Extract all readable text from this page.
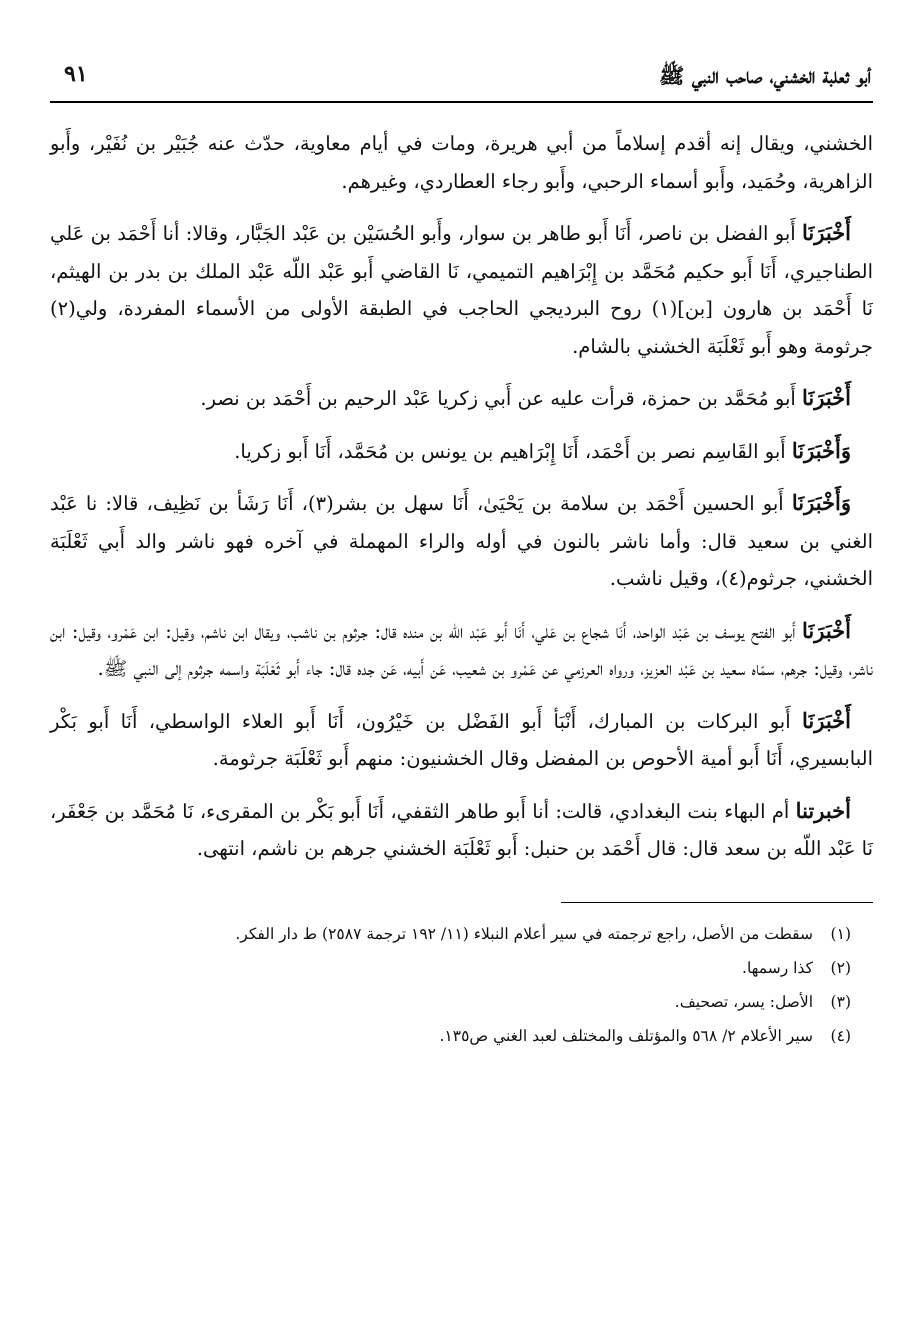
أبو ثعلبة الخشني، صاحب النبي ﷺ
٩١

الخشني، ويقال إنه أقدم إسلاماً من أبي هريرة، ومات في أيام معاوية، حدّث عنه جُبَيْر بن نُفَيْر، وأَبو الزاهرية، وحُمَيد، وأَبو أسماء الرحبي، وأَبو رجاء العطاردي، وغيرهم.

أَخْبَرَنَا أَبو الفضل بن ناصر، أَنَا أَبو طاهر بن سوار، وأَبو الحُسَيْن بن عَبْد الجَبَّار، وقالا: أنا أَحْمَد بن عَلي الطناجيري، أَنَا أَبو حكيم مُحَمَّد بن إِبْرَاهيم التميمي، نَا القاضي أَبو عَبْد اللّه عَبْد الملك بن بدر بن الهيثم، نَا أَحْمَد بن هارون [بن](١) روح البرديجي الحاجب في الطبقة الأولى من الأسماء المفردة، ولي(٢) جرثومة وهو أَبو ثَعْلَبَة الخشني بالشام.

أَخْبَرَنَا أَبو مُحَمَّد بن حمزة، قرأت عليه عن أَبي زكريا عَبْد الرحيم بن أَحْمَد بن نصر.

وَأَخْبَرَنَا أَبو القَاسِم نصر بن أَحْمَد، أَنَا إِبْرَاهيم بن يونس بن مُحَمَّد، أَنَا أَبو زكريا.

وَأَخْبَرَنَا أَبو الحسين أَحْمَد بن سلامة بن يَحْيَىٰ، أَنَا سهل بن بشر(٣)، أَنَا رَشَأ بن نَظِيف، قالا: نا عَبْد الغني بن سعيد قال: وأما ناشر بالنون في أوله والراء المهملة في آخره فهو ناشر والد أَبي ثَعْلَبَة الخشني، جرثوم(٤)، وقيل ناشب.

أَخْبَرَنَا أَبو الفتح يوسف بن عَبْد الواحد، أَنَا شجاع بن عَلي، أَنَا أَبو عَبْد اللّه بن منده قال: جرثوم بن ناشب، ويقال ابن ناشم، وقيل: ابن عَمْرو، وقيل: ابن ناشر، وقيل: جرهم، سمّاه سعيد بن عَبْد العزيز، ورواه العرزمي عن عَمْرو بن شعيب، عَن أَبيه، عَن جده قال: جاء أَبو ثَعْلَبَة واسمه جرثوم إلى النبي ﷺ.

أَخْبَرَنَا أَبو البركات بن المبارك، أَنْبَأ أَبو الفَضْل بن خَيْرُون، أَنَا أَبو العلاء الواسطي، أَنَا أَبو بَكْر البابسيري، أَنَا أَبو أمية الأحوص بن المفضل وقال الخشنيون: منهم أَبو ثَعْلَبَة جرثومة.

أخبرتنا أم البهاء بنت البغدادي، قالت: أنا أَبو طاهر الثقفي، أَنَا أَبو بَكْر بن المقرىء، نَا مُحَمَّد بن جَعْفَر، نَا عَبْد اللّه بن سعد قال: قال أَحْمَد بن حنبل: أَبو ثَعْلَبَة الخشني جرهم بن ناشم، انتهى.

(١)
سقطت من الأصل، راجع ترجمته في سير أعلام النبلاء (١١/ ١٩٢ ترجمة ٢٥٨٧) ط دار الفكر.
(٢)
كذا رسمها.
(٣)
الأصل: يسر، تصحيف.
(٤)
سير الأعلام ٢/ ٥٦٨ والمؤتلف والمختلف لعبد الغني ص١٣٥.
